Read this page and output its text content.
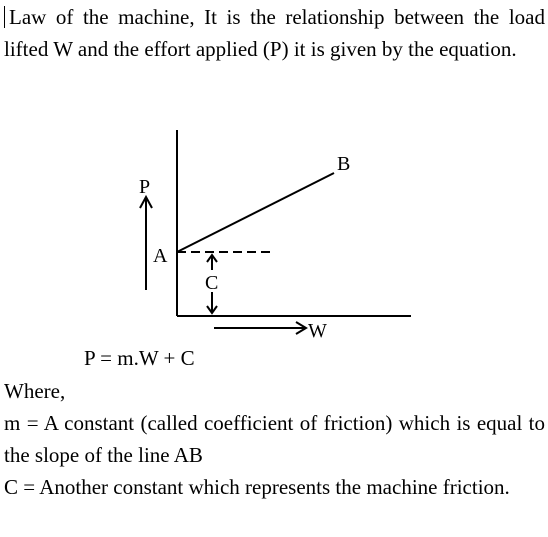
Law of the machine, It is the relationship between the load lifted W and the effort applied (P) it is given by the equation.

P
A
B
C
W
P = m.W + C

Where,

m = A constant (called coefficient of friction) which is equal to the slope of the line AB

C = Another constant which represents the machine friction.
